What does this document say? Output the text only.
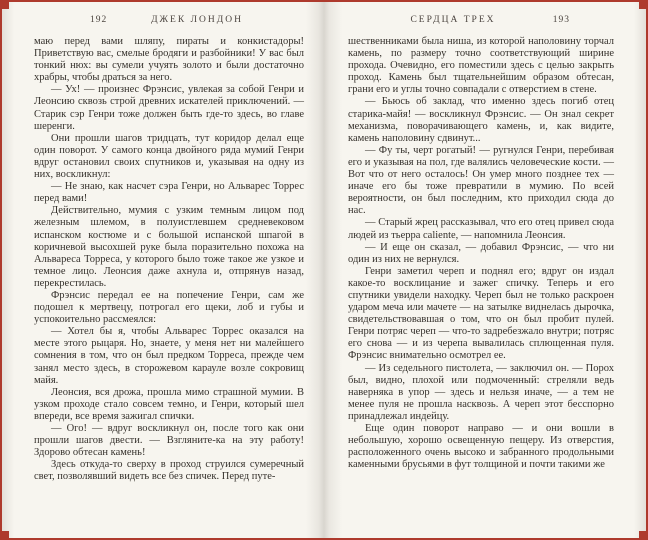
192	ДЖЕК ЛОНДОН

маю перед вами шляпу, пираты и конкистадоры! Приветствую вас, смелые бродяги и разбойники! У вас был тонкий нюх: вы сумели учуять золото и были достаточно храбры, чтобы драться за него.

— Ух! — произнес Фрэнсис, увлекая за собой Генри и Леонсию сквозь строй древних искателей приключений. — Старик сэр Генри тоже должен быть где-то здесь, во главе шеренги.

Они прошли шагов тридцать, тут коридор делал еще один поворот. У самого конца двойного ряда мумий Генри вдруг остановил своих спутников и, указывая на одну из них, воскликнул:

— Не знаю, как насчет сэра Генри, но Альварес Торрес перед вами!

Действительно, мумия с узким темным лицом под железным шлемом, в полуистлевшем средневековом испанском костюме и с большой испанской шпагой в коричневой высохшей руке была поразительно похожа на Альвареса Торреса, у которого было тоже такое же узкое и темное лицо. Леонсия даже ахнула и, отпрянув назад, перекрестилась.

Фрэнсис передал ее на попечение Генри, сам же подошел к мертвецу, потрогал его щеки, лоб и губы и успокоительно рассмеялся:

— Хотел бы я, чтобы Альварес Торрес оказался на месте этого рыцаря. Но, знаете, у меня нет ни малейшего сомнения в том, что он был предком Торреса, прежде чем занял место здесь, в сторожевом карауле возле сокровищ майя.

Леонсия, вся дрожа, прошла мимо страшной мумии. В узком проходе стало совсем темно, и Генри, который шел впереди, все время зажигал спички.

— Ого! — вдруг воскликнул он, после того как они прошли шагов двести. — Взгляните-ка на эту работу! Здорово обтесан камень!

Здесь откуда-то сверху в проход струился сумеречный свет, позволявший видеть все без спичек. Перед путе-

СЕРДЦА ТРЕХ	193

шественниками была ниша, из которой наполовину торчал камень, по размеру точно соответствующий ширине прохода. Очевидно, его поместили здесь с целью закрыть проход. Камень был тщательнейшим образом обтесан, грани его и углы точно совпадали с отверстием в стене.

— Бьюсь об заклад, что именно здесь погиб отец старика-майя! — воскликнул Фрэнсис. — Он знал секрет механизма, поворачивающего камень, и, как видите, камень наполовину сдвинут...

— Фу ты, черт рогатый! — ругнулся Генри, перебивая его и указывая на пол, где валялись человеческие кости. — Вот что от него осталось! Он умер много позднее тех — иначе его бы тоже превратили в мумию. По всей вероятности, он был последним, кто приходил сюда до нас.

— Старый жрец рассказывал, что его отец привел сюда людей из тьерра caliente, — напомнила Леонсия.

— И еще он сказал, — добавил Фрэнсис, — что ни один из них не вернулся.

Генри заметил череп и поднял его; вдруг он издал какое-то восклицание и зажег спичку. Теперь и его спутники увидели находку. Череп был не только раскроен ударом меча или мачете — на затылке виднелась дырочка, свидетельствовавшая о том, что он был пробит пулей. Генри потряс череп — что-то задребезжало внутри; потряс его снова — и из черепа вывалилась сплющенная пуля. Фрэнсис внимательно осмотрел ее.

— Из седельного пистолета, — заключил он. — Порох был, видно, плохой или подмоченный: стреляли ведь наверняка в упор — здесь и нельзя иначе, — а тем не менее пуля не прошла насквозь. А череп этот бесспорно принадлежал индейцу.

Еще один поворот направо — и они вошли в небольшую, хорошо освещенную пещеру. Из отверстия, расположенного очень высоко и забранного продольными каменными брусьями в фут толщиной и почти такими же
